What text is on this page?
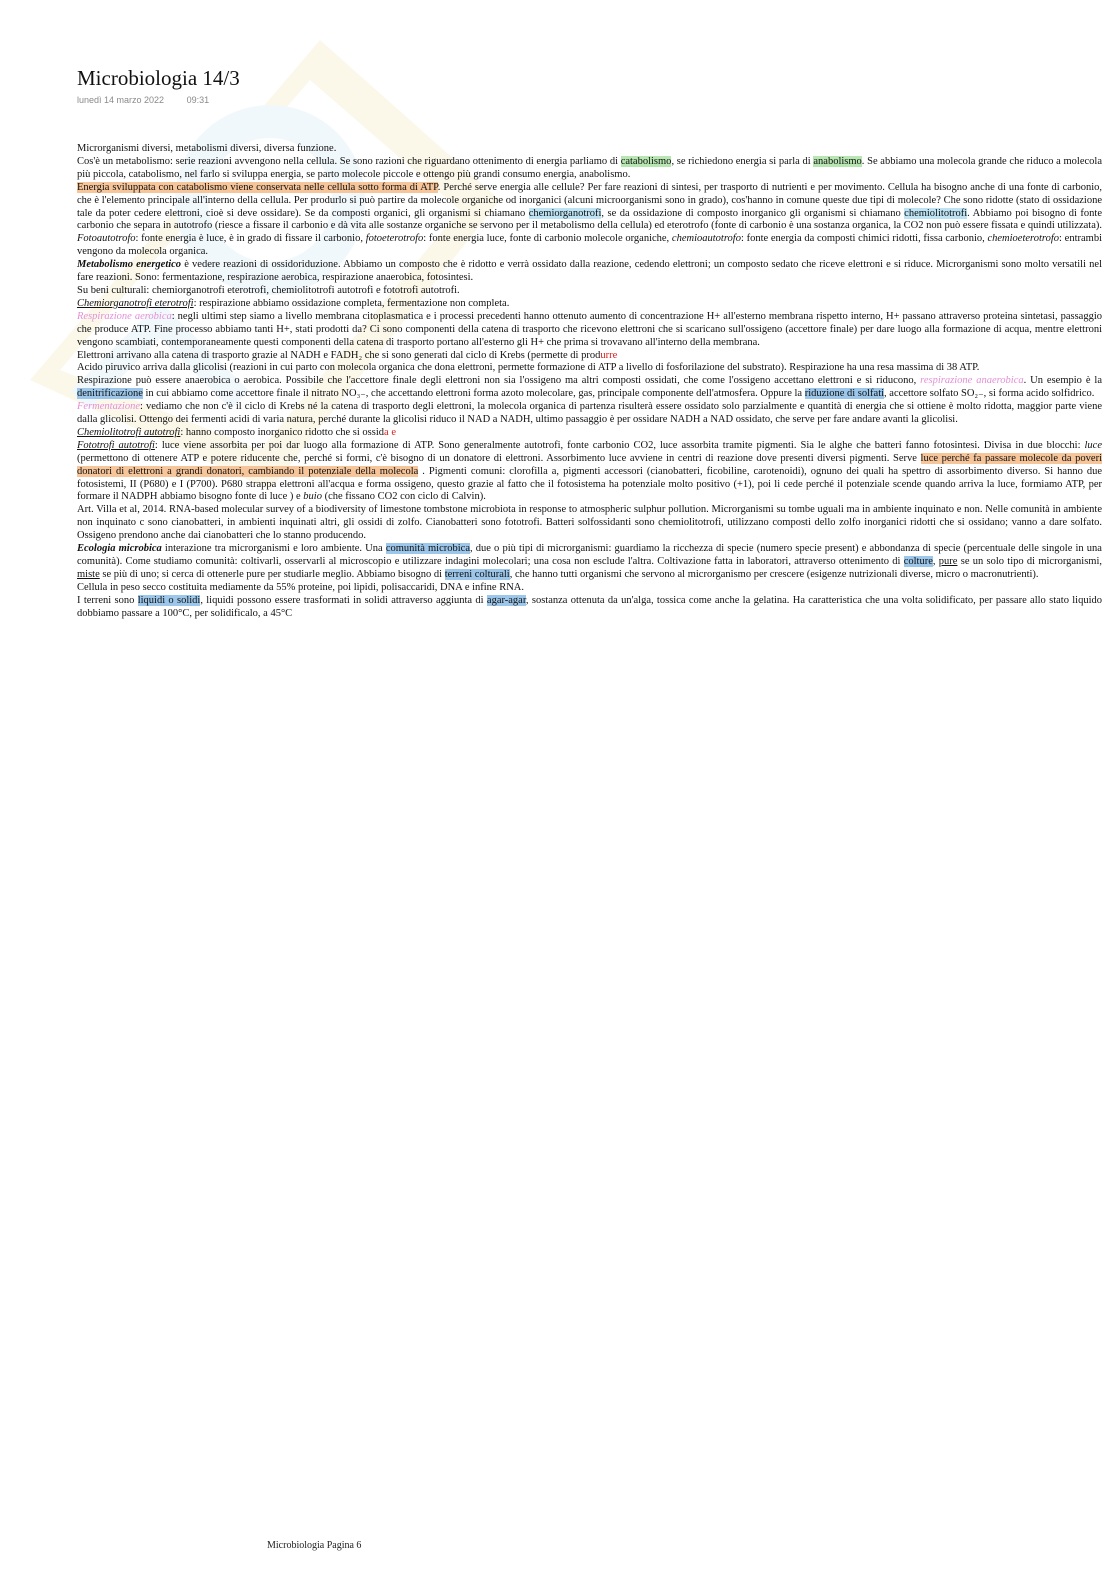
Microbiologia 14/3
lunedì 14 marzo 2022	09:31

Microrganismi diversi, metabolismi diversi, diversa funzione.

Cos'è un metabolismo: serie reazioni avvengono nella cellula. Se sono razioni che riguardano ottenimento di energia parliamo di catabolismo, se richiedono energia si parla di anabolismo. Se abbiamo una molecola grande che riduco a molecola più piccola, catabolismo, nel farlo si sviluppa energia, se parto molecole piccole e ottengo più grandi consumo energia, anabolismo.

Energia sviluppata con catabolismo viene conservata nelle cellula sotto forma di ATP. Perché serve energia alle cellule? Per fare reazioni di sintesi, per trasporto di nutrienti e per movimento. Cellula ha bisogno anche di una fonte di carbonio, che è l'elemento principale all'interno della cellula. Per produrlo si può partire da molecole organiche od inorganici (alcuni microorganismi sono in grado), cos'hanno in comune queste due tipi di molecole? Che sono ridotte (stato di ossidazione tale da poter cedere elettroni, cioè si deve ossidare). Se da composti organici, gli organismi si chiamano chemiorganotrofi, se da ossidazione di composto inorganico gli organismi si chiamano chemiolitotrofi. Abbiamo poi bisogno di fonte carbonio che separa in autotrofo (riesce a fissare il carbonio e dà vita alle sostanze organiche se servono per il metabolismo della cellula) ed eterotrofo (fonte di carbonio è una sostanza organica, la CO2 non può essere fissata e quindi utilizzata). Fotoautotrofo: fonte energia è luce, è in grado di fissare il carbonio, fotoeterotrofo: fonte energia luce, fonte di carbonio molecole organiche, chemioautotrofo: fonte energia da composti chimici ridotti, fissa carbonio, chemioeterotrofo: entrambi vengono da molecola organica.

Metabolismo energetico è vedere reazioni di ossidoriduzione. Abbiamo un composto che è ridotto e verrà ossidato dalla reazione, cedendo elettroni; un composto sedato che riceve elettroni e si riduce. Microrganismi sono molto versatili nel fare reazioni. Sono: fermentazione, respirazione aerobica, respirazione anaerobica, fotosintesi.

Su beni culturali: chemiorganotrofi eterotrofi, chemiolitotrofi autotrofi e fototrofi autotrofi.

Chemiorganotrofi eterotrofi: respirazione abbiamo ossidazione completa, fermentazione non completa.

Respirazione aerobica: negli ultimi step siamo a livello membrana citoplasmatica e i processi precedenti hanno ottenuto aumento di concentrazione H+ all'esterno membrana rispetto interno, H+ passano attraverso proteina sintetasi, passaggio che produce ATP. Fine processo abbiamo tanti H+, stati prodotti da? Ci sono componenti della catena di trasporto che ricevono elettroni che si scaricano sull'ossigeno (accettore finale) per dare luogo alla formazione di acqua, mentre elettroni vengono scambiati, contemporaneamente questi componenti della catena di trasporto portano all'esterno gli H+ che prima si trovavano all'interno della membrana.

Elettroni arrivano alla catena di trasporto grazie al NADH e FADH₂ che si sono generati dal ciclo di Krebs (permette di produrre

Acido piruvico arriva dalla glicolisi (reazioni in cui parto con molecola organica che dona elettroni, permette formazione di ATP a livello di fosforilazione del substrato). Respirazione ha una resa massima di 38 ATP.

Respirazione può essere anaerobica o aerobica. Possibile che l'accettore finale degli elettroni non sia l'ossigeno ma altri composti ossidati, che come l'ossigeno accettano elettroni e si riducono, respirazione anaerobica. Un esempio è la denitrificazione in cui abbiamo come accettore finale il nitrato NO₃₋, che accettando elettroni forma azoto molecolare, gas, principale componente dell'atmosfera. Oppure la riduzione di solfati, accettore solfato SO₂₋, si forma acido solfidrico.

Fermentazione: vediamo che non c'è il ciclo di Krebs né la catena di trasporto degli elettroni, la molecola organica di partenza risulterà essere ossidato solo parzialmente e quantità di energia che si ottiene è molto ridotta, maggior parte viene dalla glicolisi. Ottengo dei fermenti acidi di varia natura, perché durante la glicolisi riduco il NAD a NADH, ultimo passaggio è per ossidare NADH a NAD ossidato, che serve per fare andare avanti la glicolisi.

Chemiolitotrofi autotrofi: hanno composto inorganico ridotto che si ossida e

Fototrofi autotrofi: luce viene assorbita per poi dar luogo alla formazione di ATP. Sono generalmente autotrofi, fonte carbonio CO2, luce assorbita tramite pigmenti. Sia le alghe che batteri fanno fotosintesi. Divisa in due blocchi: luce (permettono di ottenere ATP e potere riducente che, perché si formi, c'è bisogno di un donatore di elettroni. Assorbimento luce avviene in centri di reazione dove presenti diversi pigmenti. Serve luce perché fa passare molecole da poveri donatori di elettroni a grandi donatori, cambiando il potenziale della molecola . Pigmenti comuni: clorofilla a, pigmenti accessori (cianobatteri, ficobiline, carotenoidi), ognuno dei quali ha spettro di assorbimento diverso. Si hanno due fotosistemi, II (P680) e I (P700). P680 strappa elettroni all'acqua e forma ossigeno, questo grazie al fatto che il fotosistema ha potenziale molto positivo (+1), poi li cede perché il potenziale scende quando arriva la luce, formiamo ATP, per formare il NADPH abbiamo bisogno fonte di luce ) e buio (che fissano CO2 con ciclo di Calvin).

Art. Villa et al, 2014. RNA-based molecular survey of a biodiversity of limestone tombstone microbiota in response to atmospheric sulphur pollution. Microrganismi su tombe uguali ma in ambiente inquinato e non. Nelle comunità in ambiente non inquinato c sono cianobatteri, in ambienti inquinati altri, gli ossidi di zolfo. Cianobatteri sono fototrofi. Batteri solfossidanti sono chemiolitotrofi, utilizzano composti dello zolfo inorganici ridotti che si ossidano; vanno a dare solfato. Ossigeno prendono anche dai cianobatteri che lo stanno producendo.

Ecologia microbica interazione tra microrganismi e loro ambiente. Una comunità microbica, due o più tipi di microrganismi: guardiamo la ricchezza di specie (numero specie present) e abbondanza di specie (percentuale delle singole in una comunità). Come studiamo comunità: coltivarli, osservarli al microscopio e utilizzare indagini molecolari; una cosa non esclude l'altra. Coltivazione fatta in laboratori, attraverso ottenimento di colture, pure se un solo tipo di microrganismi, miste se più di uno; si cerca di ottenerle pure per studiarle meglio. Abbiamo bisogno di terreni colturali, che hanno tutti organismi che servono al microrganismo per crescere (esigenze nutrizionali diverse, micro o macronutrienti).

Cellula in peso secco costituita mediamente da 55% proteine, poi lipidi, polisaccaridi, DNA e infine RNA.

I terreni sono liquidi o solidi, liquidi possono essere trasformati in solidi attraverso aggiunta di agar-agar, sostanza ottenuta da un'alga, tossica come anche la gelatina. Ha caratteristica che una volta solidificato, per passare allo stato liquido dobbiamo passare a 100°C, per solidificalo, a 45°C

Microbiologia Pagina 6
